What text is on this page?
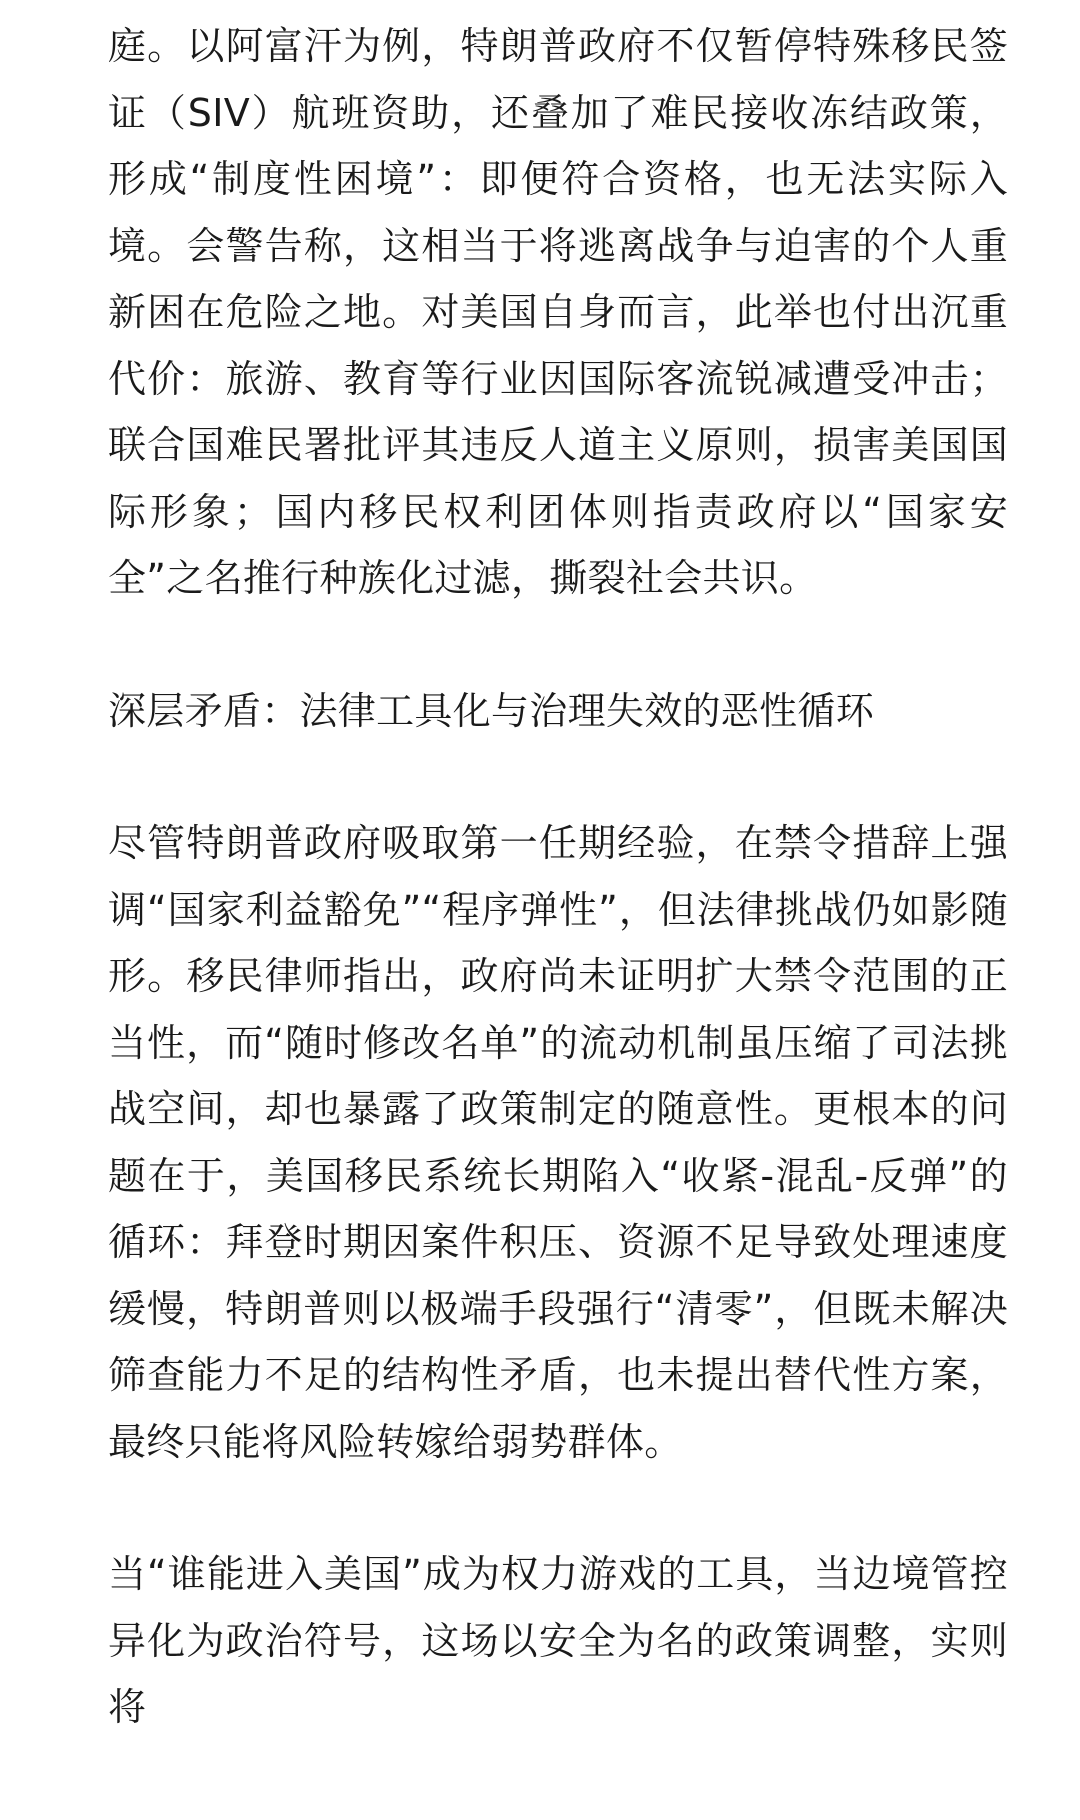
庭。以阿富汗为例，特朗普政府不仅暂停特殊移民签证（SIV）航班资助，还叠加了难民接收冻结政策，形成“制度性困境”：即便符合资格，也无法实际入境。会警告称，这相当于将逃离战争与迫害的个人重新困在危险之地。对美国自身而言，此举也付出沉重代价：旅游、教育等行业因国际客流锐减遭受冲击；联合国难民署批评其违反人道主义原则，损害美国国际形象；国内移民权利团体则指责政府以“国家安全”之名推行种族化过滤，撕裂社会共识。

深层矛盾：法律工具化与治理失效的恶性循环

尽管特朗普政府吸取第一任期经验，在禁令措辞上强调“国家利益豁免”“程序弹性”，但法律挑战仍如影随形。移民律师指出，政府尚未证明扩大禁令范围的正当性，而“随时修改名单”的流动机制虽压缩了司法挑战空间，却也暴露了政策制定的随意性。更根本的问题在于，美国移民系统长期陷入“收紧-混乱-反弹”的循环：拜登时期因案件积压、资源不足导致处理速度缓慢，特朗普则以极端手段强行“清零”，但既未解决筛查能力不足的结构性矛盾，也未提出替代性方案，最终只能将风险转嫁给弱势群体。

当“谁能进入美国”成为权力游戏的工具，当边境管控异化为政治符号，这场以安全为名的政策调整，实则将
